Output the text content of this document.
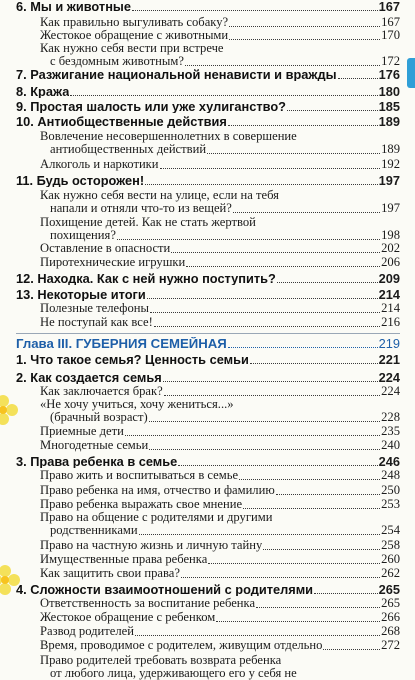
6. Мы и животные	167
Как правильно выгуливать собаку?	167
Жестокое обращение с животными	170
Как нужно себя вести при встрече
с бездомным животным?	172
7. Разжигание национальной ненависти и вражды	176
8. Кража	180
9. Простая шалость или уже хулиганство?	185
10. Антиобщественные действия	189
Вовлечение несовершеннолетних в совершение
антиобщественных действий	189
Алкоголь и наркотики	192
11. Будь осторожен!	197
Как нужно себя вести на улице, если на тебя
напали и отняли что-то из вещей?	197
Похищение детей. Как не стать жертвой
похищения?	198
Оставление в опасности	202
Пиротехнические игрушки	206
12. Находка. Как с ней нужно поступить?	209
13. Некоторые итоги	214
Полезные телефоны	214
Не поступай как все!	216
Глава III. ГУБЕРНИЯ СЕМЕЙНАЯ	219
1. Что такое семья? Ценность семьи	221
2. Как создается семья	224
Как заключается брак?	224
«Не хочу учиться, хочу жениться...»
(брачный возраст)	228
Приемные дети	235
Многодетные семьи	240
3. Права ребенка в семье	246
Право жить и воспитываться в семье	248
Право ребенка на имя, отчество и фамилию	250
Право ребенка выражать свое мнение	253
Право на общение с родителями и другими
родственниками	254
Право на частную жизнь и личную тайну	258
Имущественные права ребенка	260
Как защитить свои права?	262
4. Сложности взаимоотношений с родителями	265
Ответственность за воспитание ребенка	265
Жестокое обращение с ребенком	266
Развод родителей	268
Время, проводимое с родителем, живущим отдельно	272
Право родителей требовать возврата ребенка
от любого лица, удерживающего его у себя не
